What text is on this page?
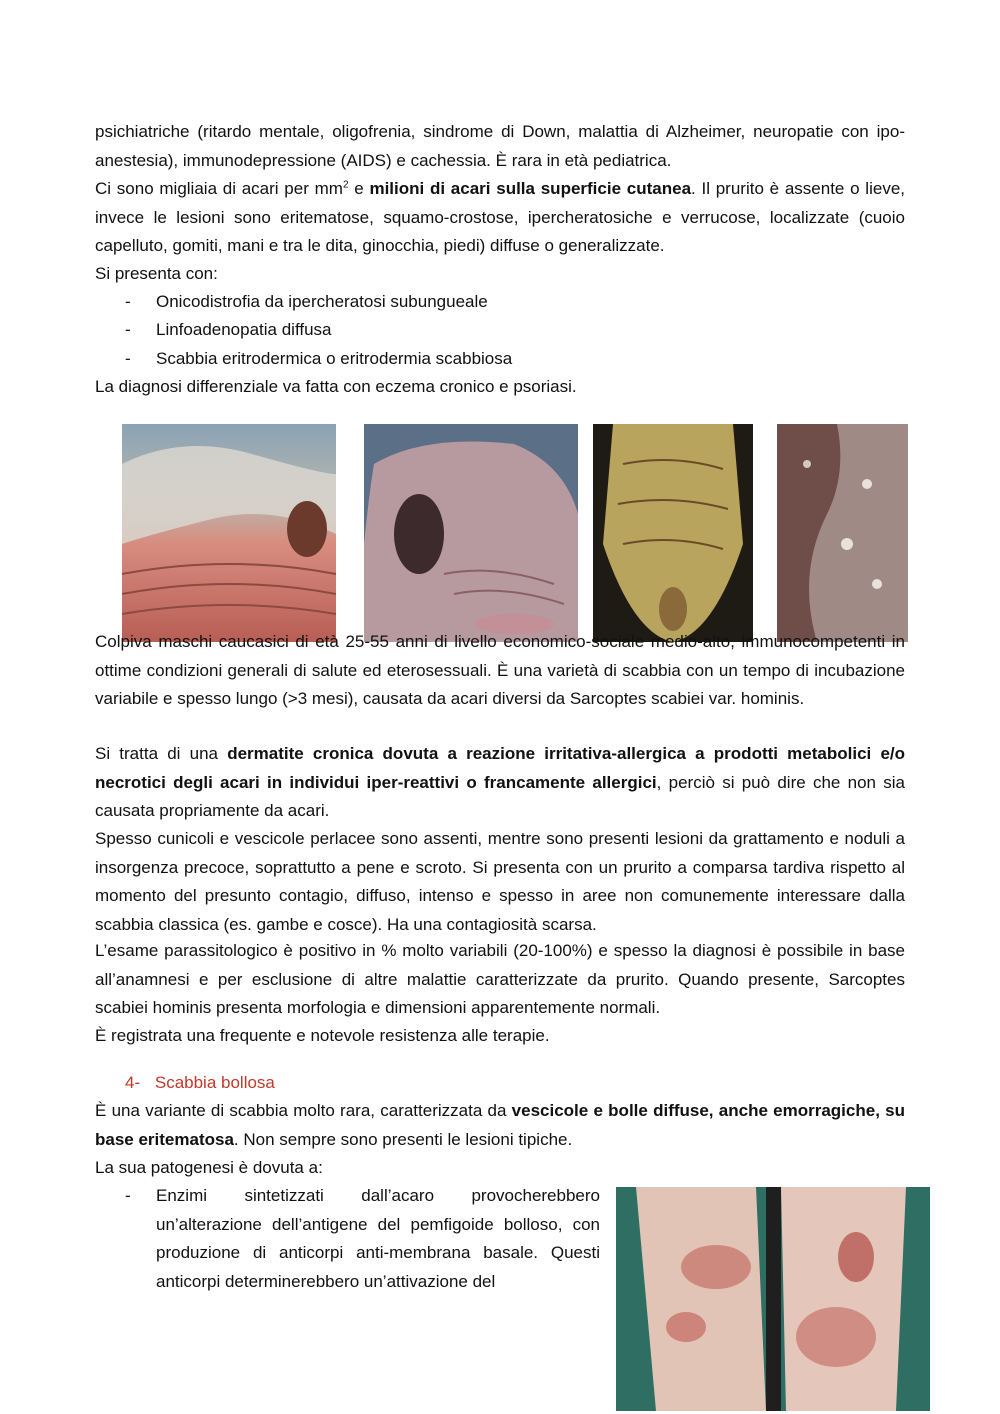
psichiatriche (ritardo mentale, oligofrenia, sindrome di Down, malattia di Alzheimer, neuropatie con ipo-anestesia), immunodepressione (AIDS) e cachessia. È rara in età pediatrica.

Ci sono migliaia di acari per $mm^2$ e milioni di acari sulla superficie cutanea. Il prurito è assente o lieve, invece le lesioni sono eritematose, squamo-crostose, ipercheratosiche e verrucose, localizzate (cuoio capelluto, gomiti, mani e tra le dita, ginocchia, piedi) diffuse o generalizzate.

Si presenta con:

- Onicodistrofia da ipercheratosi subungueale
- Linfoadenopatia diffusa
- Scabbia eritrodermica o eritrodermia scabbiosa

La diagnosi differenziale va fatta con eczema cronico e psoriasi.

Colpiva maschi caucasici di età 25-55 anni di livello economico-sociale medio-alto, immunocompetenti in ottime condizioni generali di salute ed eterosessuali. È una varietà di scabbia con un tempo di incubazione variabile e spesso lungo (>3 mesi), causata da acari diversi da Sarcoptes scabiei var. hominis.

Si tratta di una dermatite cronica dovuta a reazione irritativa-allergica a prodotti metabolici e/o necrotici degli acari in individui iper-reattivi o francamente allergici, perciò si può dire che non sia causata propriamente da acari.

Spesso cunicoli e vescicole perlacee sono assenti, mentre sono presenti lesioni da grattamento e noduli a insorgenza precoce, soprattutto a pene e scroto. Si presenta con un prurito a comparsa tardiva rispetto al momento del presunto contagio, diffuso, intenso e spesso in aree non comunemente interessare dalla scabbia classica (es. gambe e cosce). Ha una contagiosità scarsa.

L’esame parassitologico è positivo in % molto variabili (20-100%) e spesso la diagnosi è possibile in base all’anamnesi e per esclusione di altre malattie caratterizzate da prurito. Quando presente, Sarcoptes scabiei hominis presenta morfologia e dimensioni apparentemente normali.

È registrata una frequente e notevole resistenza alle terapie.

4- Scabbia bollosa

È una variante di scabbia molto rara, caratterizzata da vescicole e bolle diffuse, anche emorragiche, su base eritematosa. Non sempre sono presenti le lesioni tipiche.

La sua patogenesi è dovuta a:

- Enzimi sintetizzati dall’acaro provocherebbero un’alterazione dell’antigene del pemfigoide bolloso, con produzione di anticorpi anti-membrana basale. Questi anticorpi determinerebbero un’attivazione del
